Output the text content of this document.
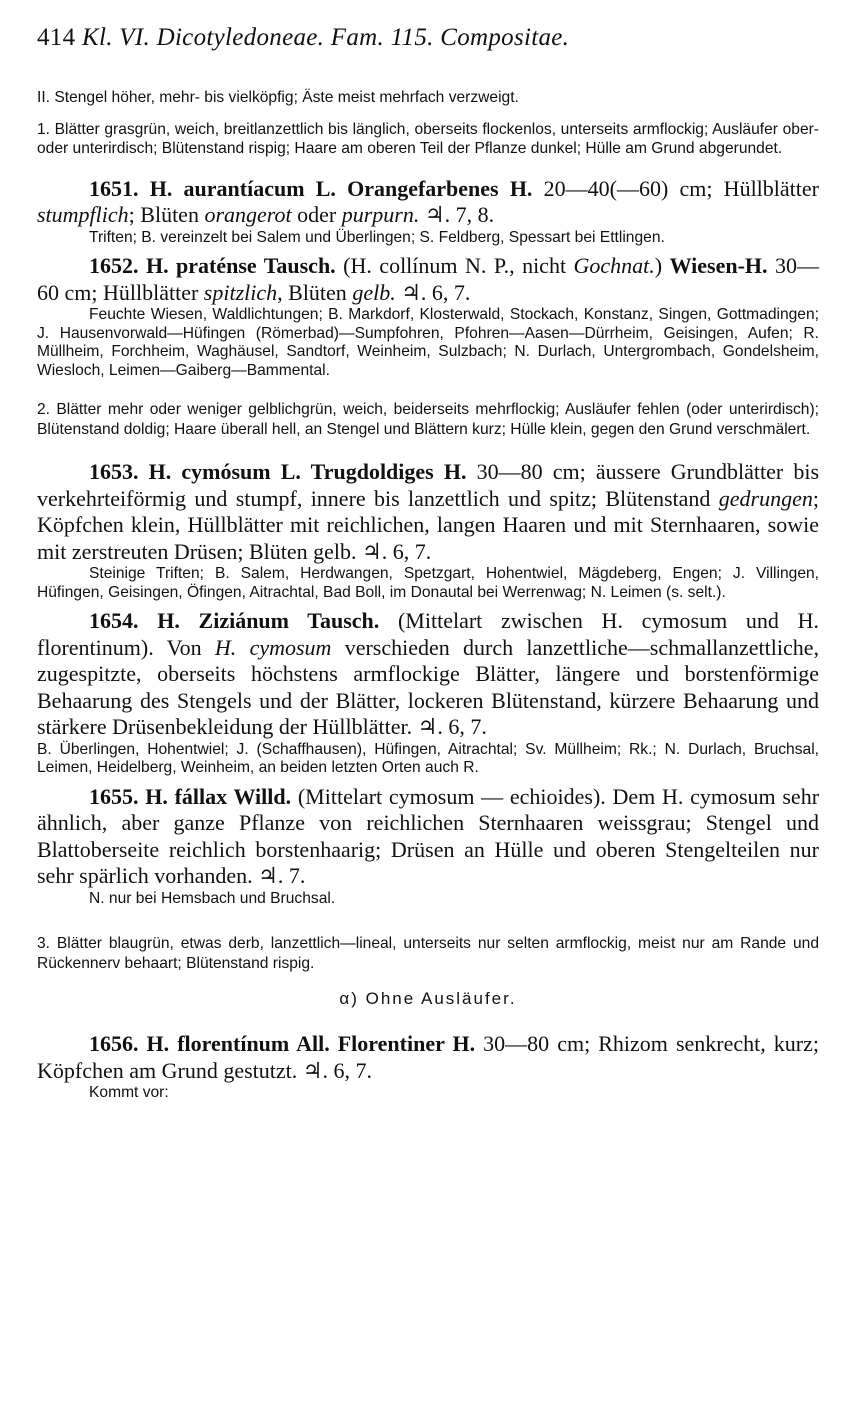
414 Kl. VI. Dicotyledoneae. Fam. 115. Compositae.

II. Stengel höher, mehr- bis vielköpfig; Äste meist mehrfach verzweigt.

1. Blätter grasgrün, weich, breitlanzettlich bis länglich, oberseits flockenlos, unterseits armflockig; Ausläufer ober- oder unterirdisch; Blütenstand rispig; Haare am oberen Teil der Pflanze dunkel; Hülle am Grund abgerundet.

1651. H. aurantíacum L. Orangefarbenes H. 20—40(—60) cm; Hüllblätter stumpflich; Blüten orangerot oder purpurn. ♃. 7, 8.

Triften; B. vereinzelt bei Salem und Überlingen; S. Feldberg, Spessart bei Ettlingen.

1652. H. praténse Tausch. (H. collínum N. P., nicht Gochnat.) Wiesen-H. 30—60 cm; Hüllblätter spitzlich, Blüten gelb. ♃. 6, 7.

Feuchte Wiesen, Waldlichtungen; B. Markdorf, Klosterwald, Stockach, Konstanz, Singen, Gottmadingen; J. Hausenvorwald—Hüfingen (Römerbad)—Sumpfohren, Pfohren—Aasen—Dürrheim, Geisingen, Aufen; R. Müllheim, Forchheim, Waghäusel, Sandtorf, Weinheim, Sulzbach; N. Durlach, Untergrombach, Gondelsheim, Wiesloch, Leimen—Gaiberg—Bammental.

2. Blätter mehr oder weniger gelblichgrün, weich, beiderseits mehrflockig; Ausläufer fehlen (oder unterirdisch); Blütenstand doldig; Haare überall hell, an Stengel und Blättern kurz; Hülle klein, gegen den Grund verschmälert.

1653. H. cymósum L. Trugdoldiges H. 30—80 cm; äussere Grundblätter bis verkehrteiförmig und stumpf, innere bis lanzettlich und spitz; Blütenstand gedrungen; Köpfchen klein, Hüllblätter mit reichlichen, langen Haaren und mit Sternhaaren, sowie mit zerstreuten Drüsen; Blüten gelb. ♃. 6, 7.

Steinige Triften; B. Salem, Herdwangen, Spetzgart, Hohentwiel, Mägdeberg, Engen; J. Villingen, Hüfingen, Geisingen, Öfingen, Aitrachtal, Bad Boll, im Donautal bei Werrenwag; N. Leimen (s. selt.).

1654. H. Ziziánum Tausch. (Mittelart zwischen H. cymosum und H. florentinum). Von H. cymosum verschieden durch lanzettliche—schmallanzettliche, zugespitzte, oberseits höchstens armflockige Blätter, längere und borstenförmige Behaarung des Stengels und der Blätter, lockeren Blütenstand, kürzere Behaarung und stärkere Drüsenbekleidung der Hüllblätter. ♃. 6, 7.

B. Überlingen, Hohentwiel; J. (Schaffhausen), Hüfingen, Aitrachtal; Sv. Müllheim; Rk.; N. Durlach, Bruchsal, Leimen, Heidelberg, Weinheim, an beiden letzten Orten auch R.

1655. H. fállax Willd. (Mittelart cymosum — echioides). Dem H. cymosum sehr ähnlich, aber ganze Pflanze von reichlichen Sternhaaren weissgrau; Stengel und Blattoberseite reichlich borstenhaarig; Drüsen an Hülle und oberen Stengelteilen nur sehr spärlich vorhanden. ♃. 7.

N. nur bei Hemsbach und Bruchsal.

3. Blätter blaugrün, etwas derb, lanzettlich—lineal, unterseits nur selten armflockig, meist nur am Rande und Rückennerv behaart; Blütenstand rispig.

α) Ohne Ausläufer.

1656. H. florentínum All. Florentiner H. 30—80 cm; Rhizom senkrecht, kurz; Köpfchen am Grund gestutzt. ♃. 6, 7.

Kommt vor:
